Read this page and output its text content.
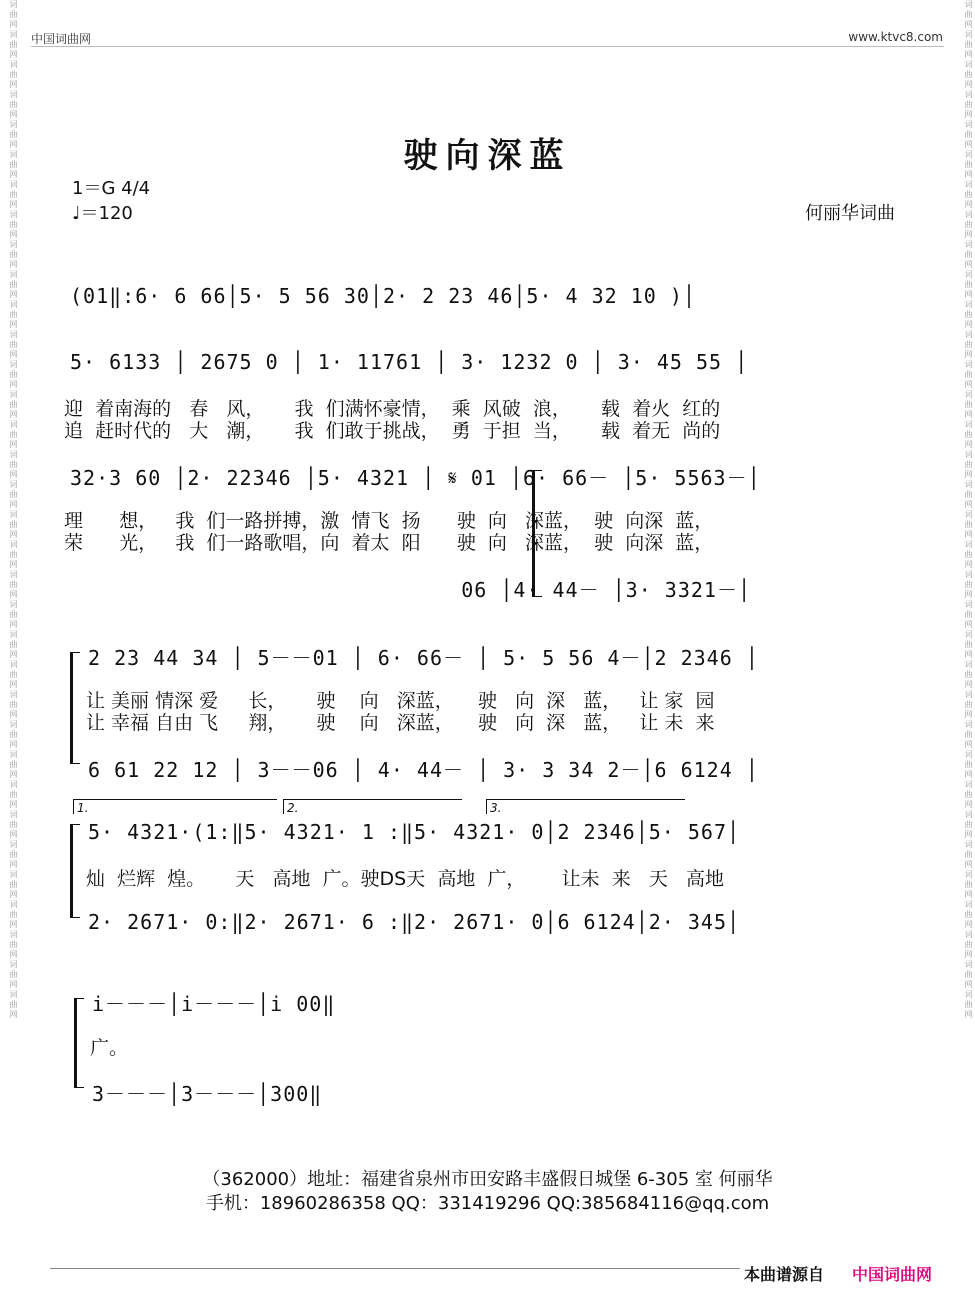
词曲网词曲网词曲网词曲网词曲网词曲网词曲网词曲网词曲网词曲网词曲网词曲网词曲网词曲网词曲网词曲网词曲网词曲网词曲网词曲网词曲网词曲网词曲网词曲网词曲网词曲网词曲网词曲网词曲网词曲网词曲网词曲网词曲网词曲网	词曲网词曲网词曲网词曲网词曲网词曲网词曲网词曲网词曲网词曲网词曲网词曲网词曲网词曲网词曲网词曲网词曲网词曲网词曲网词曲网词曲网词曲网词曲网词曲网词曲网词曲网词曲网词曲网词曲网词曲网词曲网词曲网词曲网词曲网
中国词曲网	www.ktvc8.com
驶向深蓝
1＝G 4/4
♩＝120	何丽华词曲
(01‖:6· 6 66│5· 5 56 30│2· 2 23 46│5· 4 32 10 )│
5· 6133 │ 2675 0 │ 1· 11761 │ 3· 1232 0 │ 3· 45 55 │
迎  着南海的   春   风，     我  们满怀豪情，  乘  风破  浪，     载  着火  红的
追  赶时代的   大   潮，     我  们敢于挑战，  勇  于担  当，     载  着无  尚的
32·3 60 │2· 22346 │5· 4321 │ 𝄋 01 │6· 66－ │5· 5563－│
理      想，   我  们一路拼搏，激  情飞  扬      驶  向   深蓝，  驶  向深  蓝，
荣      光，   我  们一路歌唱，向  着太  阳      驶  向   深蓝，  驶  向深  蓝，
06 │4· 44－ │3· 3321－│
2 23 44 34 │ 5－－01 │ 6· 66－ │ 5· 5 56 4－│2 2346 │
让 美丽 情深 爱     长，     驶    向   深蓝，    驶   向  深   蓝，   让 家  园
让 幸福 自由 飞     翔，     驶    向   深蓝，    驶   向  深   蓝，   让 未  来
6 61 22 12 │ 3－－06 │ 4· 44－ │ 3· 3 34 2－│6 6124 │
1.	2.	3.
5· 4321·(1:‖5· 4321· 1 :‖5· 4321· 0│2 2346│5· 567│
灿  烂辉  煌。     天   高地  广。驶DS天  高地  广，      让未  来   天   高地
2· 2671· 0:‖2· 2671· 6 :‖2· 2671· 0│6 6124│2· 345│
i－－－│i－－－│i 00‖
广。
3－－－│3－－－│300‖
（362000）地址：福建省泉州市田安路丰盛假日城堡 6-305 室 何丽华
手机：18960286358 QQ：331419296 QQ:385684116@qq.com
本曲谱源自 中国词曲网
